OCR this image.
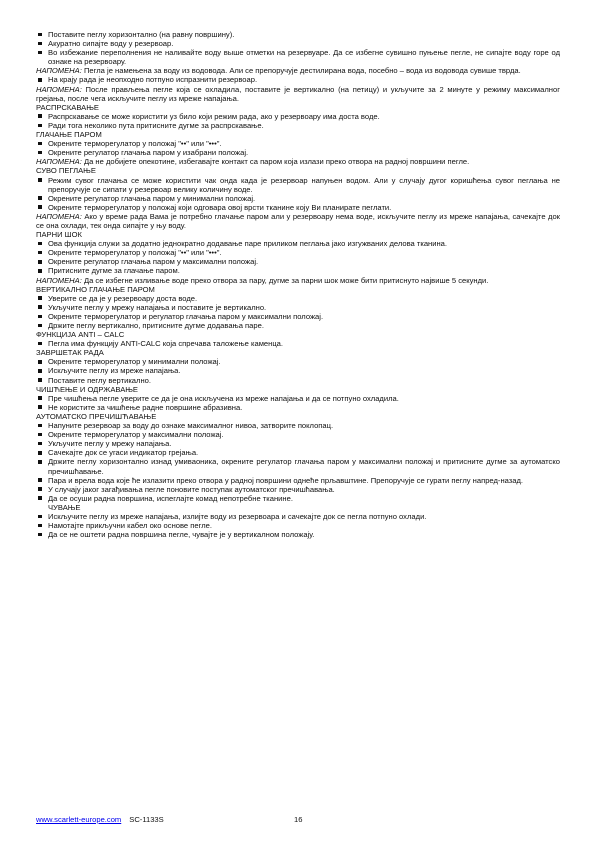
Поставите пеглу хоризонтално (на равну површину).
Акуратно сипајте воду у резервоар.
Во избежание переполнения не наливайте воду выше отметки на резервуаре. Да се избегне сувишно пуњење пегле, не сипајте воду горе од ознаке на резервоару.
НАПОМЕНА: Пегла је намењена за воду из водовода. Али се препоручује дестилирана вода, посебно – вода из водовода сувише тврда.
На крају рада је неопходно потпуно испразнити резервоар.
НАПОМЕНА: После прављења пегле која се охладила, поставите је вертикално (на петицу) и укључите за 2 минуте у режиму максималног грејања, после чега искључите пеглу из мреже напајања.
РАСПРСКАВАЊЕ
Распрскавање се може користити уз било који режим рада, ако у резервоару има доста воде.
Ради тога неколико пута притисните дугме за распрскавање.
ГЛАЧАЊЕ ПАРОМ
Окрените терморегулатор у положај "••" или "•••".
Окрените регулатор глачања паром у изабрани положај.
НАПОМЕНА: Да не добијете опекотине, избегавајте контакт са паром која излази преко отвора на радној површини пегле.
СУВО ПЕГЛАЊЕ
Режим сувог глачања се може користити чак онда када је резервоар напуњен водом. Али у случају дугог коришћења сувог пеглања не препоручује се сипати у резервоар велику количину воде.
Окрените регулатор глачања паром у минимални положај.
Окрените терморегулатор у положај који одговара овој врсти тканине коју Ви планирате пеглати.
НАПОМЕНА: Ако у време рада Вама је потребно глачање паром али у резервоару нема воде, искључите пеглу из мреже напајања, сачекајте док се она охлади, тек онда сипајте у њу воду.
ПАРНИ ШОК
Ова функција служи за додатно једнократно додавање паре приликом пеглања јако изгужваних делова тканина.
Окрените терморегулатор у положај "••" или "•••".
Окрените регулатор глачања паром у максимални положај.
Притисните дугме за глачање паром.
НАПОМЕНА: Да се избегне изливање воде преко отвора за пару, дугме за парни шок може бити притиснуто највише 5 секунди.
ВЕРТИКАЛНО ГЛАЧАЊЕ ПАРОМ
Уверите се да је у резервоару доста воде.
Укључите пеглу у мрежу напајања и поставите је вертикално.
Окрените терморегулатор и регулатор глачања паром у максимални положај.
Држите пеглу вертикално, притисните дугме додавања паре.
ФУНКЦИЈА ANTI – CALC
Пегла има функцију ANTI-CALC која спречава таложење каменца.
ЗАВРШЕТАК РАДА
Окрените терморегулатор у минимални положај.
Искључите пеглу из мреже напајања.
Поставите пеглу вертикално.
ЧИШЋЕЊЕ И ОДРЖАВАЊЕ
Пре чишћења пегле уверите се да је она искључена из мреже напајања и да се потпуно охладила.
Не користите за чишћење радне површине абразивна.
АУТОМАТСКО ПРЕЧИШЋАВАЊЕ
Напуните резервоар за воду до ознаке максималног нивоа, затворите поклопац.
Окрените терморегулатор у максимални положај.
Укључите пеглу у мрежу напајања.
Сачекајте док се угаси индикатор грејања.
Држите пеглу хоризонтално изнад умиваоника, окрените регулатор глачања паром у максимални положај и притисните дугме за аутоматско пречишћавање.
Пара и врела вода које ће излазити преко отвора у радној површини однеће прљавштине. Препоручује се гурати пеглу напред-назад.
У случају јаког загађивања пегле поновите поступак аутоматског пречишћавања.
Да се осуши радна површина, испеглајте комад непотребне тканине.
ЧУВАЊЕ
Искључите пеглу из мреже напајања, излијте воду из резервоара и сачекајте док се пегла потпуно охлади.
Намотајте прикључни кабел око основе пегле.
Да се не оштети радна површина пегле, чувајте је у вертикалном положају.
www.scarlett-europe.com SC-1133S	16
